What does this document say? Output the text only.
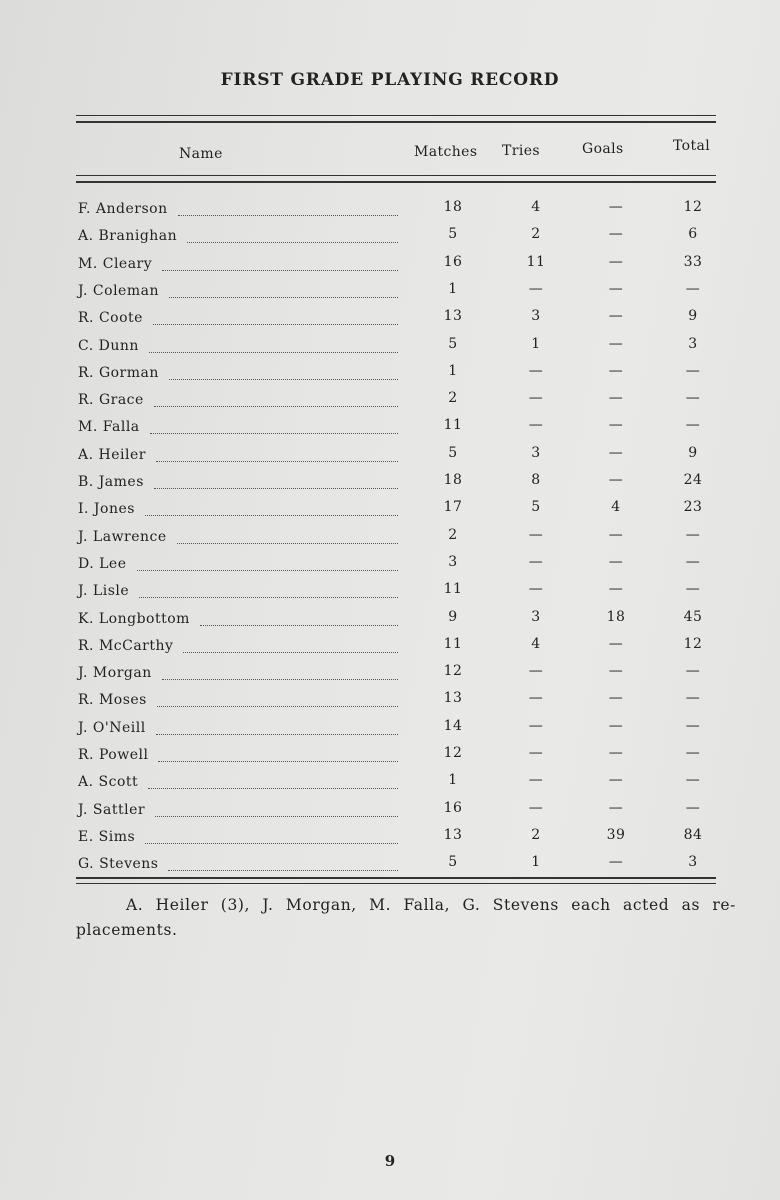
FIRST GRADE PLAYING RECORD
Name	Matches Tries	Goals	Total
F. Anderson	18	4	—	12
A. Branighan	5	2	—	6
M. Cleary	16	11	—	33
J. Coleman	1	—	—	—
R. Coote	13	3	—	9
C. Dunn	5	1	—	3
R. Gorman	1	—	—	—
R. Grace	2	—	—	—
M. Falla	11	—	—	—
A. Heiler	5	3	—	9
B. James	18	8	—	24
I. Jones	17	5	4	23
J. Lawrence	2	—	—	—
D. Lee	3	—	—	—
J. Lisle	11	—	—	—
K. Longbottom	9	3	18	45
R. McCarthy	11	4	—	12
J. Morgan	12	—	—	—
R. Moses	13	—	—	—
J. O'Neill	14	—	—	—
R. Powell	12	—	—	—
A. Scott	1	—	—	—
J. Sattler	16	—	—	—
E. Sims	13	2	39	84
G. Stevens	5	1	—	3
A. Heiler (3), J. Morgan, M. Falla, G. Stevens each acted as re-placements.
9
